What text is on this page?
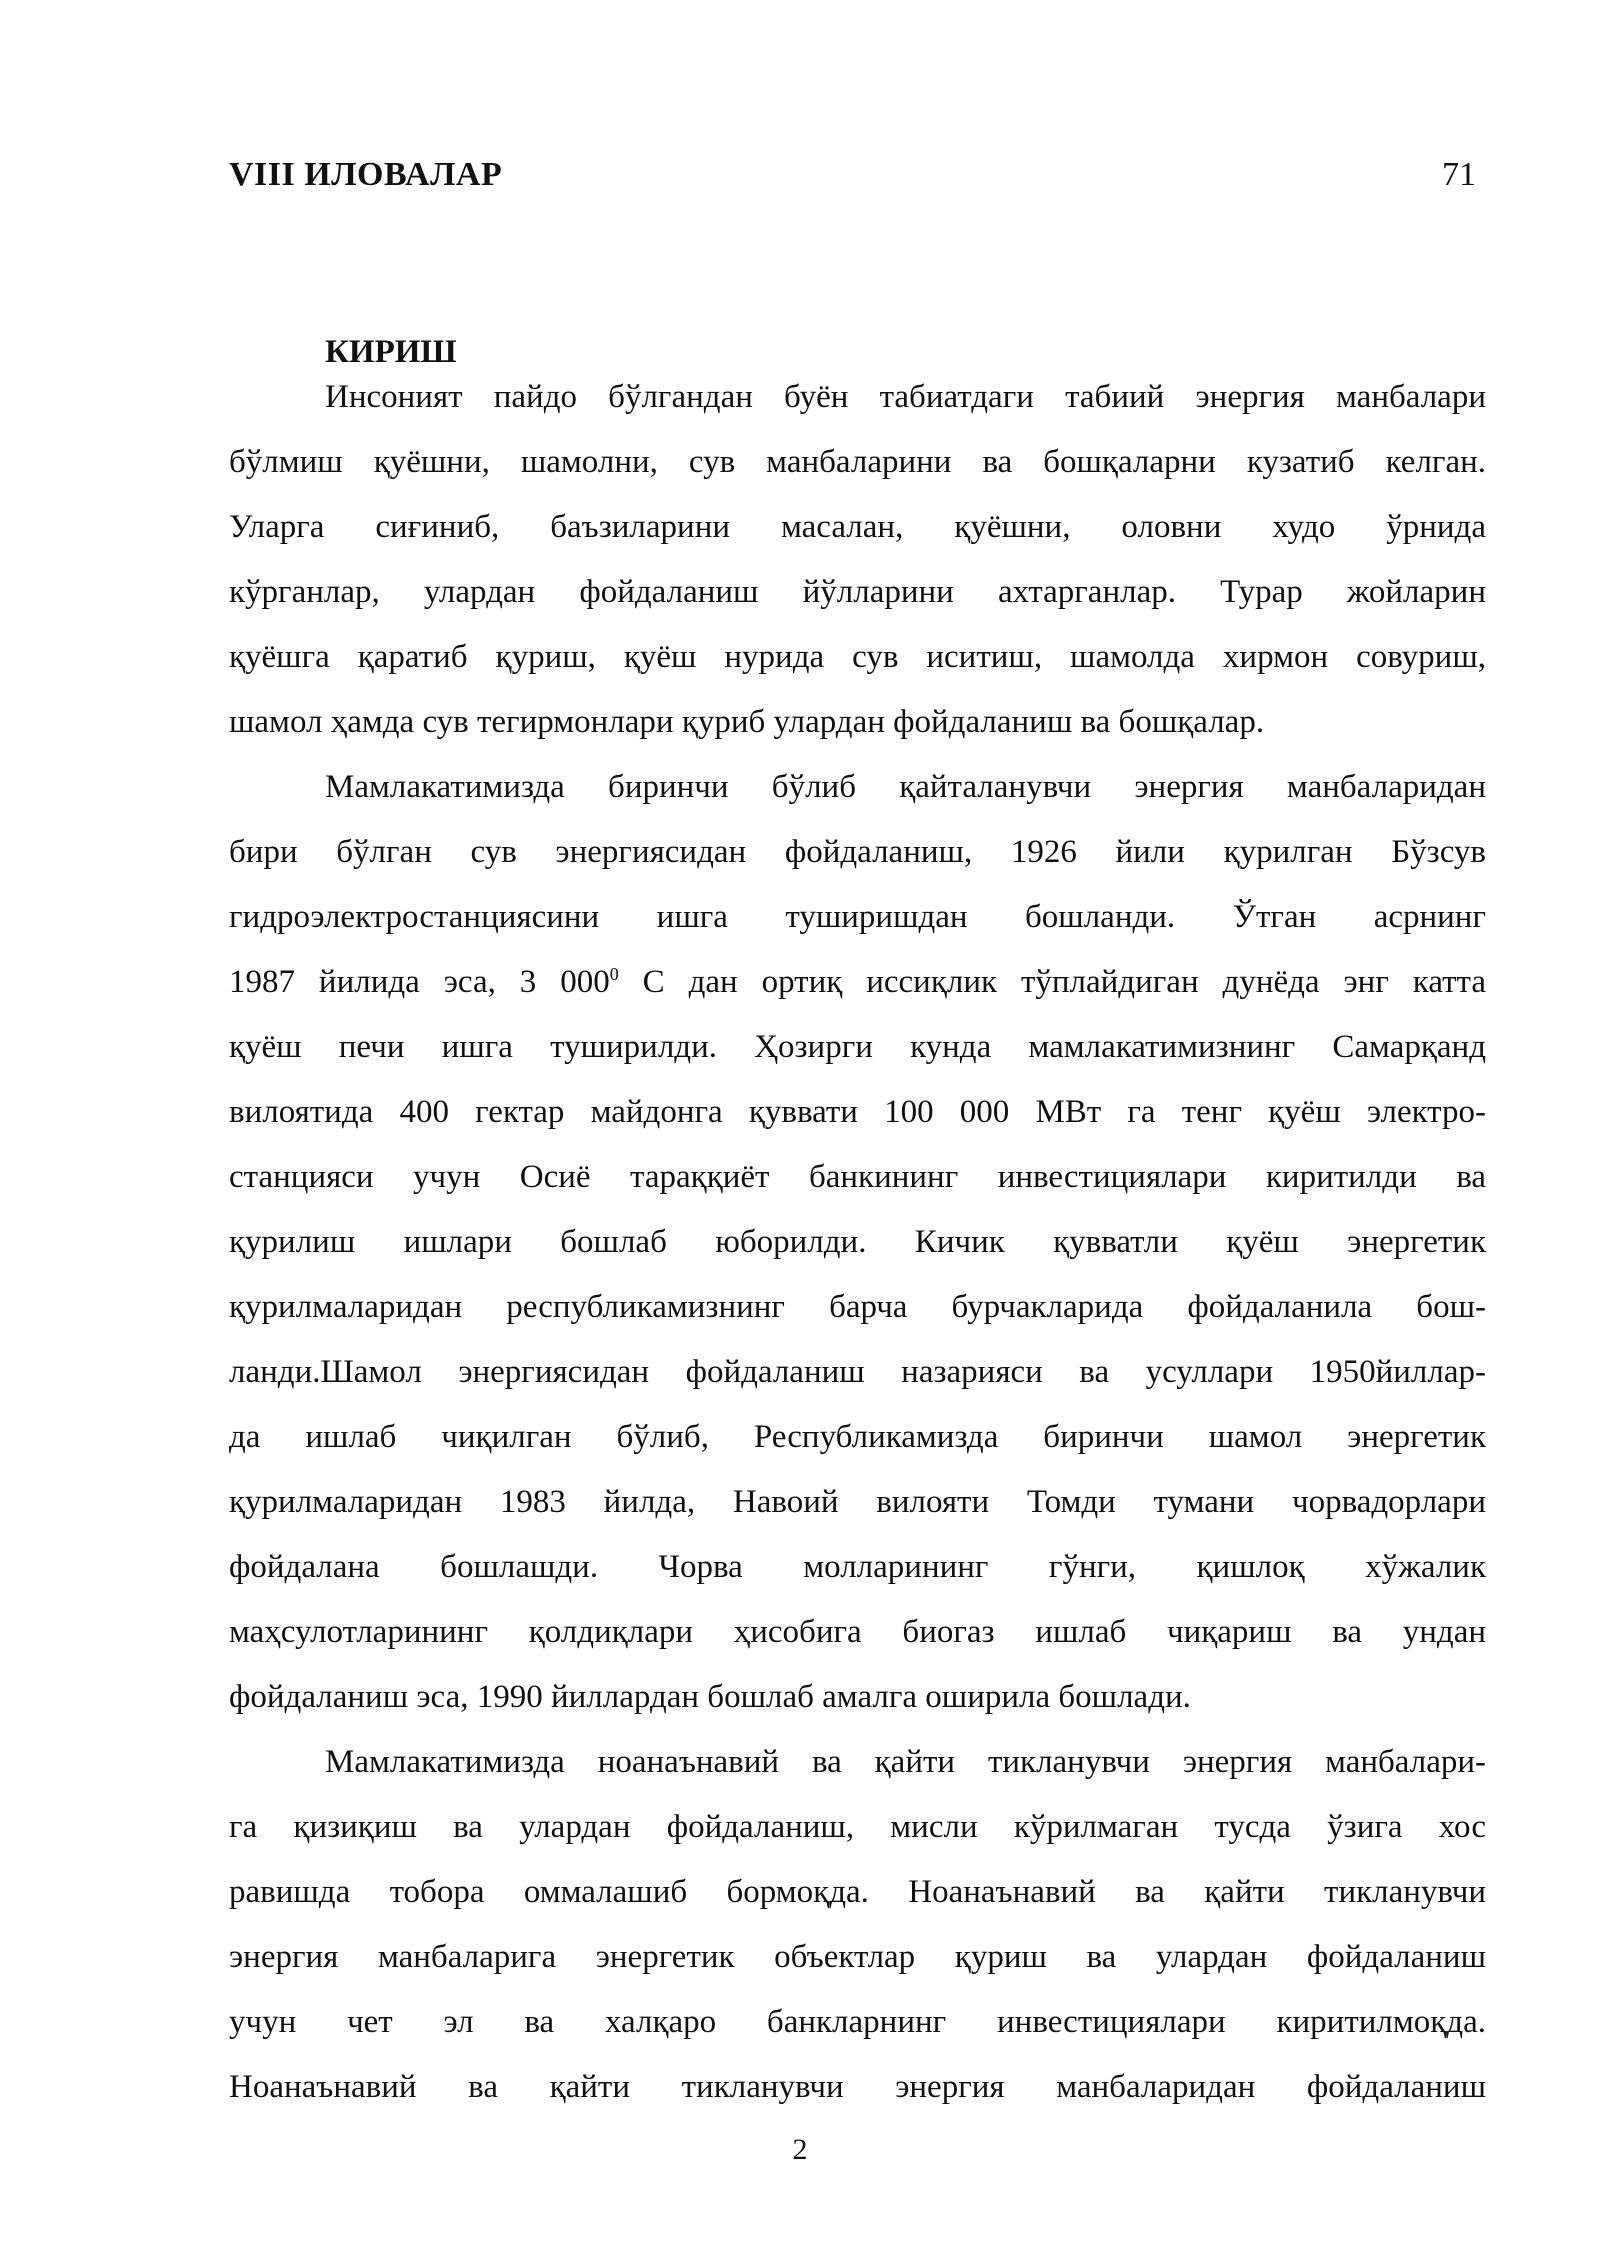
VIII ИЛОВАЛАР	71
КИРИШ
Инсоният пайдо бўлгандан буён табиатдаги табиий энергия манбалари
бўлмиш қуёшни, шамолни, сув манбаларини ва бошқаларни кузатиб келган.
Уларга сиғиниб, баъзиларини масалан, қуёшни, оловни худо ўрнида
кўрганлар, улардан фойдаланиш йўлларини ахтарганлар. Турар жойларин
қуёшга қаратиб қуриш, қуёш нурида сув иситиш, шамолда хирмон совуриш,
шамол ҳамда сув тегирмонлари қуриб улардан фойдаланиш ва бошқалар.
Мамлакатимизда биринчи бўлиб қайталанувчи энергия манбаларидан
бири бўлган сув энергиясидан фойдаланиш, 1926 йили қурилган Бўзсув
гидроэлектростанциясини ишга туширишдан бошланди. Ўтган асрнинг
1987 йилида эса, 3 $000^0$ С дан ортиқ иссиқлик тўплайдиган дунёда энг катта
қуёш печи ишга туширилди. Ҳозирги кунда мамлакатимизнинг Самарқанд
вилоятида 400 гектар майдонга қуввати 100 000 МВт га тенг қуёш электро-
станцияси учун Осиё тараққиёт банкининг инвестициялари киритилди ва
қурилиш ишлари бошлаб юборилди. Кичик қувватли қуёш энергетик
қурилмаларидан республикамизнинг барча бурчакларида фойдаланила бош-
ланди.Шамол энергиясидан фойдаланиш назарияси ва усуллари 1950йиллар-
да ишлаб чиқилган бўлиб, Республикамизда биринчи шамол энергетик
қурилмаларидан 1983 йилда, Навоий вилояти Томди тумани чорвадорлари
фойдалана бошлашди. Чорва молларининг гўнги, қишлоқ хўжалик
маҳсулотларининг қолдиқлари ҳисобига биогаз ишлаб чиқариш ва ундан
фойдаланиш эса, 1990 йиллардан бошлаб амалга оширила бошлади.
Мамлакатимизда ноанаънавий ва қайти тикланувчи энергия манбалари-
га қизиқиш ва улардан фойдаланиш, мисли кўрилмаган тусда ўзига хос
равишда тобора оммалашиб бормоқда. Ноанаънавий ва қайти тикланувчи
энергия манбаларига энергетик объектлар қуриш ва улардан фойдаланиш
учун чет эл ва халқаро банкларнинг инвестициялари киритилмоқда.
Ноанаънавий ва қайти тикланувчи энергия манбаларидан фойдаланиш
2
